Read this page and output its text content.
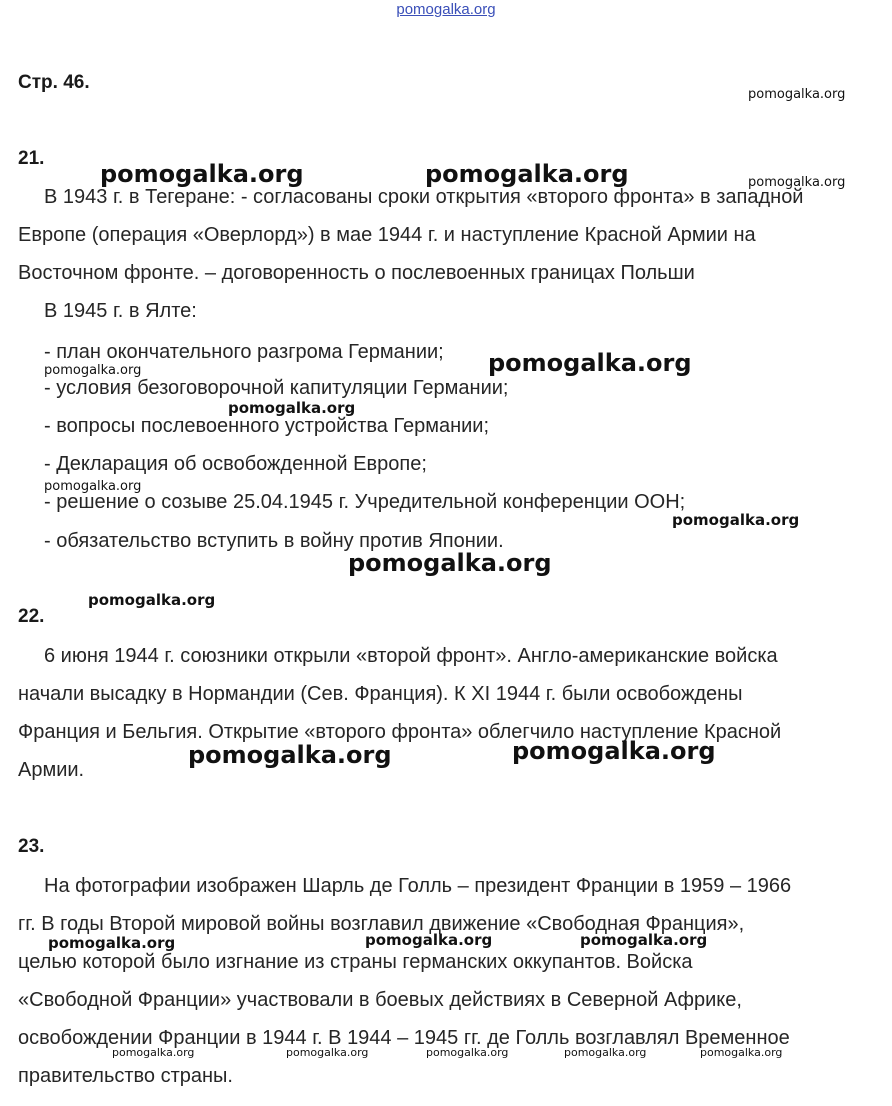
pomogalka.org
Стр. 46.
21.
В 1943 г. в Тегеране: - согласованы сроки открытия «второго фронта» в западной
Европе (операция «Оверлорд») в мае 1944 г. и наступление Красной Армии на
Восточном фронте. – договоренность о послевоенных границах Польши
В 1945 г. в Ялте:
- план окончательного разгрома Германии;
- условия безоговорочной капитуляции Германии;
- вопросы послевоенного устройства Германии;
- Декларация об освобожденной Европе;
- решение о созыве 25.04.1945 г. Учредительной конференции ООН;
- обязательство вступить в войну против Японии.
22.
6 июня 1944 г. союзники открыли «второй фронт». Англо-американские войска
начали высадку в Нормандии (Сев. Франция). К XI 1944 г. были освобождены
Франция и Бельгия. Открытие «второго фронта» облегчило наступление Красной
Армии.
23.
На фотографии изображен Шарль де Голль – президент Франции в 1959 – 1966
гг. В годы Второй мировой войны возглавил движение «Свободная Франция»,
целью которой было изгнание из страны германских оккупантов. Войска
«Свободной Франции» участвовали в боевых действиях в Северной Африке,
освобождении Франции в 1944 г. В 1944 – 1945 гг. де Голль возглавлял Временное
правительство страны.
pomogalka.org
pomogalka.org	pomogalka.org	pomogalka.org
pomogalka.org
pomogalka.org
pomogalka.org
pomogalka.org
pomogalka.org
pomogalka.org
pomogalka.org
pomogalka.org
pomogalka.org
pomogalka.org	pomogalka.org
pomogalka.org
pomogalka.org	pomogalka.org	pomogalka.org	pomogalka.org	pomogalka.org
